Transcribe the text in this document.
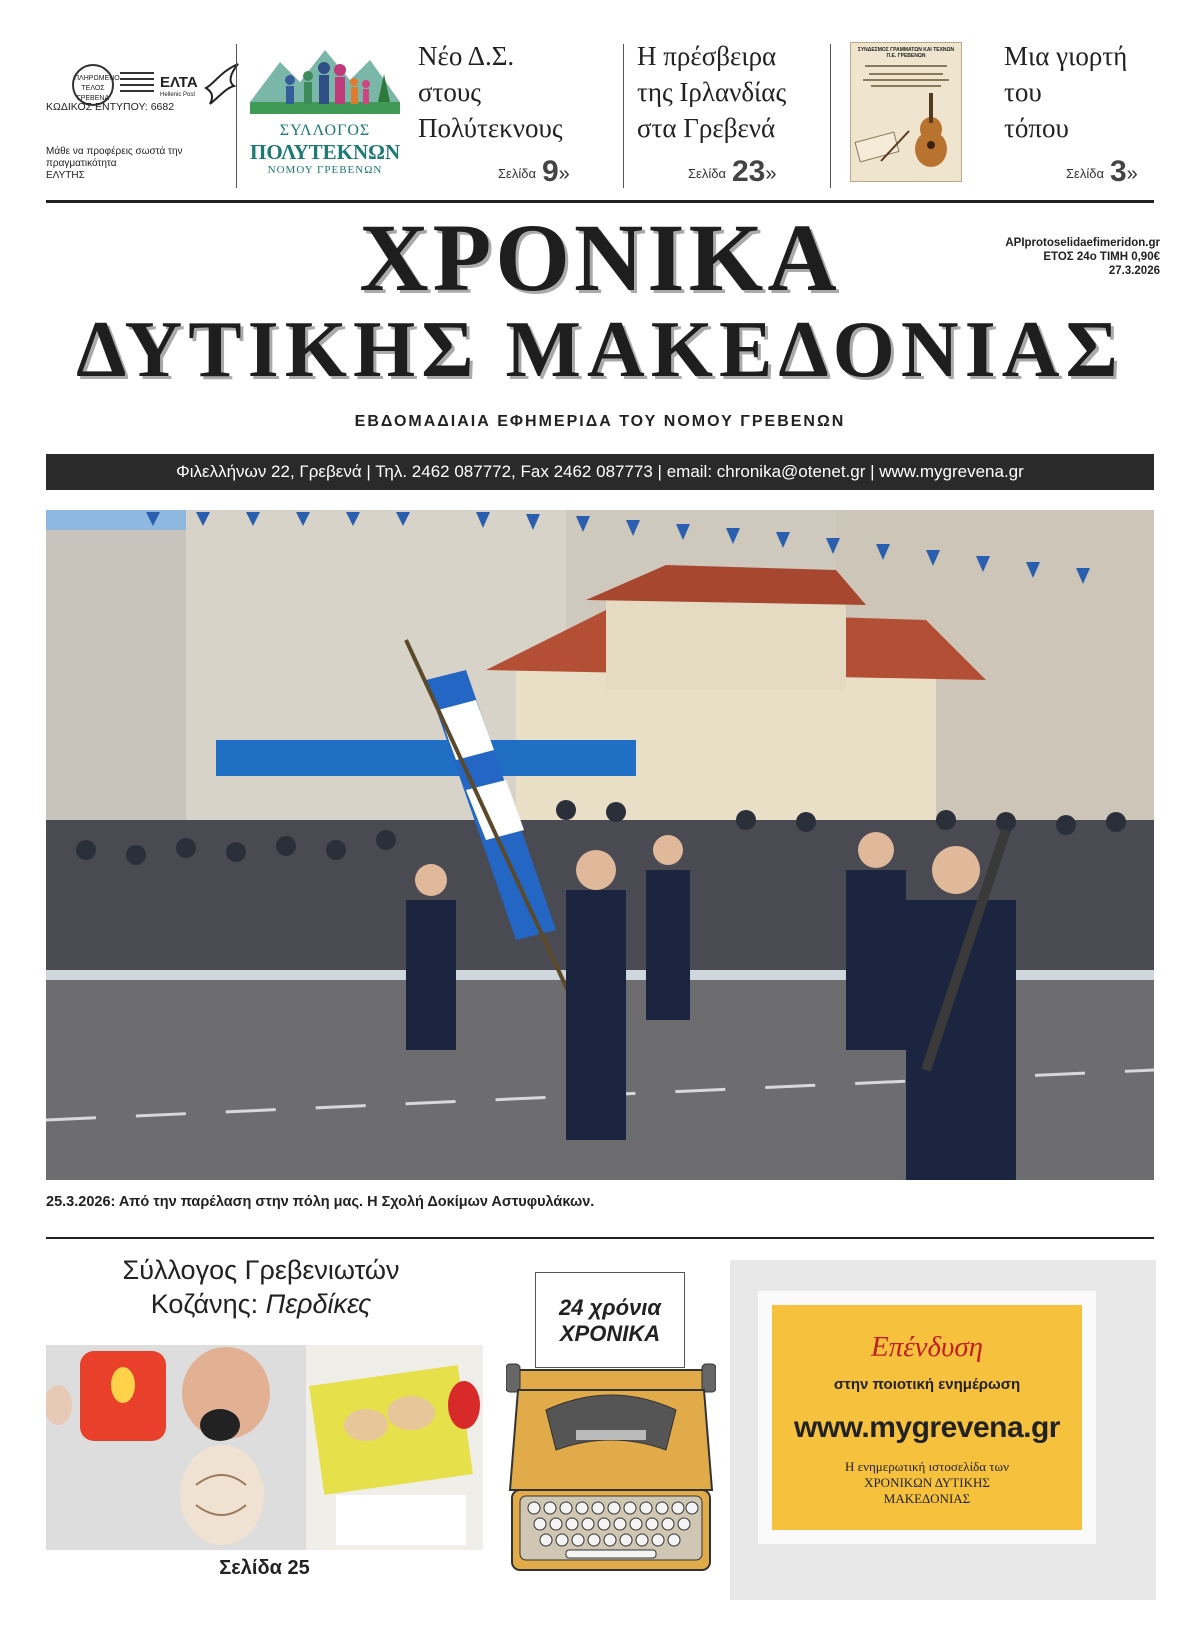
ΠΛΗΡΩΜΕΝΟ ΤΕΛΟΣ ΓΡΕΒΕΝΑ
ΕΛΤΑ
Hellenic Post
ΚΩΔΙΚΟΣ ΕΝΤΥΠΟΥ: 6682
Μάθε να προφέρεις σωστά την πραγματικότητα
ΕΛΥΤΗΣ
ΣΥΛΛΟΓΟΣ
ΠΟΛΥΤΕΚΝΩΝ
ΝΟΜΟΥ ΓΡΕΒΕΝΩΝ
Νέο Δ.Σ.
στους
Πολύτεκνους
Σελίδα 9»
Η πρέσβειρα
της Ιρλανδίας
στα Γρεβενά
Σελίδα 23»
ΣΥΝΔΕΣΜΟΣ ΓΡΑΜΜΑΤΩΝ ΚΑΙ ΤΕΧΝΩΝ Π.Ε. ΓΡΕΒΕΝΩΝ	Μια γιορτή
του
τόπου
Σελίδα 3»
ΧΡΟΝΙΚΑ
ΔΥΤΙΚΗΣ ΜΑΚΕΔΟΝΙΑΣ
ΑΡΙprotoselidaefimeridon.gr
ΕΤΟΣ 24ο ΤΙΜΗ 0,90€
27.3.2026
ΕΒΔΟΜΑΔΙΑΙΑ ΕΦΗΜΕΡΙΔΑ ΤΟΥ ΝΟΜΟΥ ΓΡΕΒΕΝΩΝ
Φιλελλήνων 22, Γρεβενά | Τηλ. 2462 087772, Fax 2462 087773 | email: chronika@otenet.gr | www.mygrevena.gr
25.3.2026: Από την παρέλαση στην πόλη μας. Η Σχολή Δοκίμων Αστυφυλάκων.
Σύλλογος Γρεβενιωτών
Κοζάνης: Περδίκες
Σελίδα 25
24 χρόνια
ΧΡΟΝΙΚΑ	Επένδυση
στην ποιοτική ενημέρωση
www.mygrevena.gr
Η ενημερωτική ιστοσελίδα των
ΧΡΟΝΙΚΩΝ ΔΥΤΙΚΗΣ
ΜΑΚΕΔΟΝΙΑΣ
